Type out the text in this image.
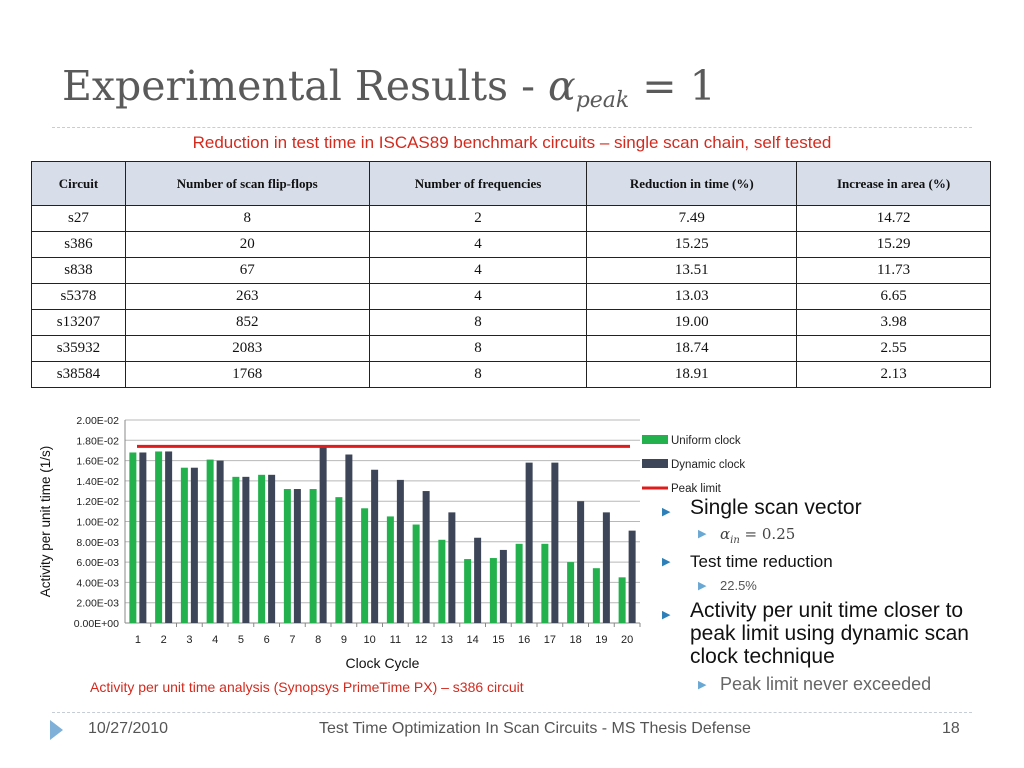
Experimental Results - $\alpha_{peak} = 1$
Reduction in test time in ISCAS89 benchmark circuits – single scan chain, self tested
Circuit	Number of scan flip-flops	Number of frequencies	Reduction in time (%)	Increase in area (%)
s27	8	2	7.49	14.72
s386	20	4	15.25	15.29
s838	67	4	13.51	11.73
s5378	263	4	13.03	6.65
s13207	852	8	19.00	3.98
s35932	2083	8	18.74	2.55
s38584	1768	8	18.91	2.13
0.00E+00
2.00E-03
4.00E-03
6.00E-03
8.00E-03
1.00E-02
1.20E-02
1.40E-02
1.60E-02
1.80E-02
2.00E-02
1 2 3 4 5 6 7 8 9 10 11 12 13 14 15 16 17 18 19 20
Clock Cycle
Activity per unit time (1/s)
Uniform clock
Dynamic clock
Peak limit
Activity per unit time analysis (Synopsys PrimeTime PX) – s386 circuit
▶ Single scan vector
▶ $\alpha_{in} = 0.25$
▶ Test time reduction
▶ 22.5%
▶ Activity per unit time closer to peak limit using dynamic scan clock technique
▶ Peak limit never exceeded
10/27/2010	Test Time Optimization In Scan Circuits - MS Thesis Defense	18
